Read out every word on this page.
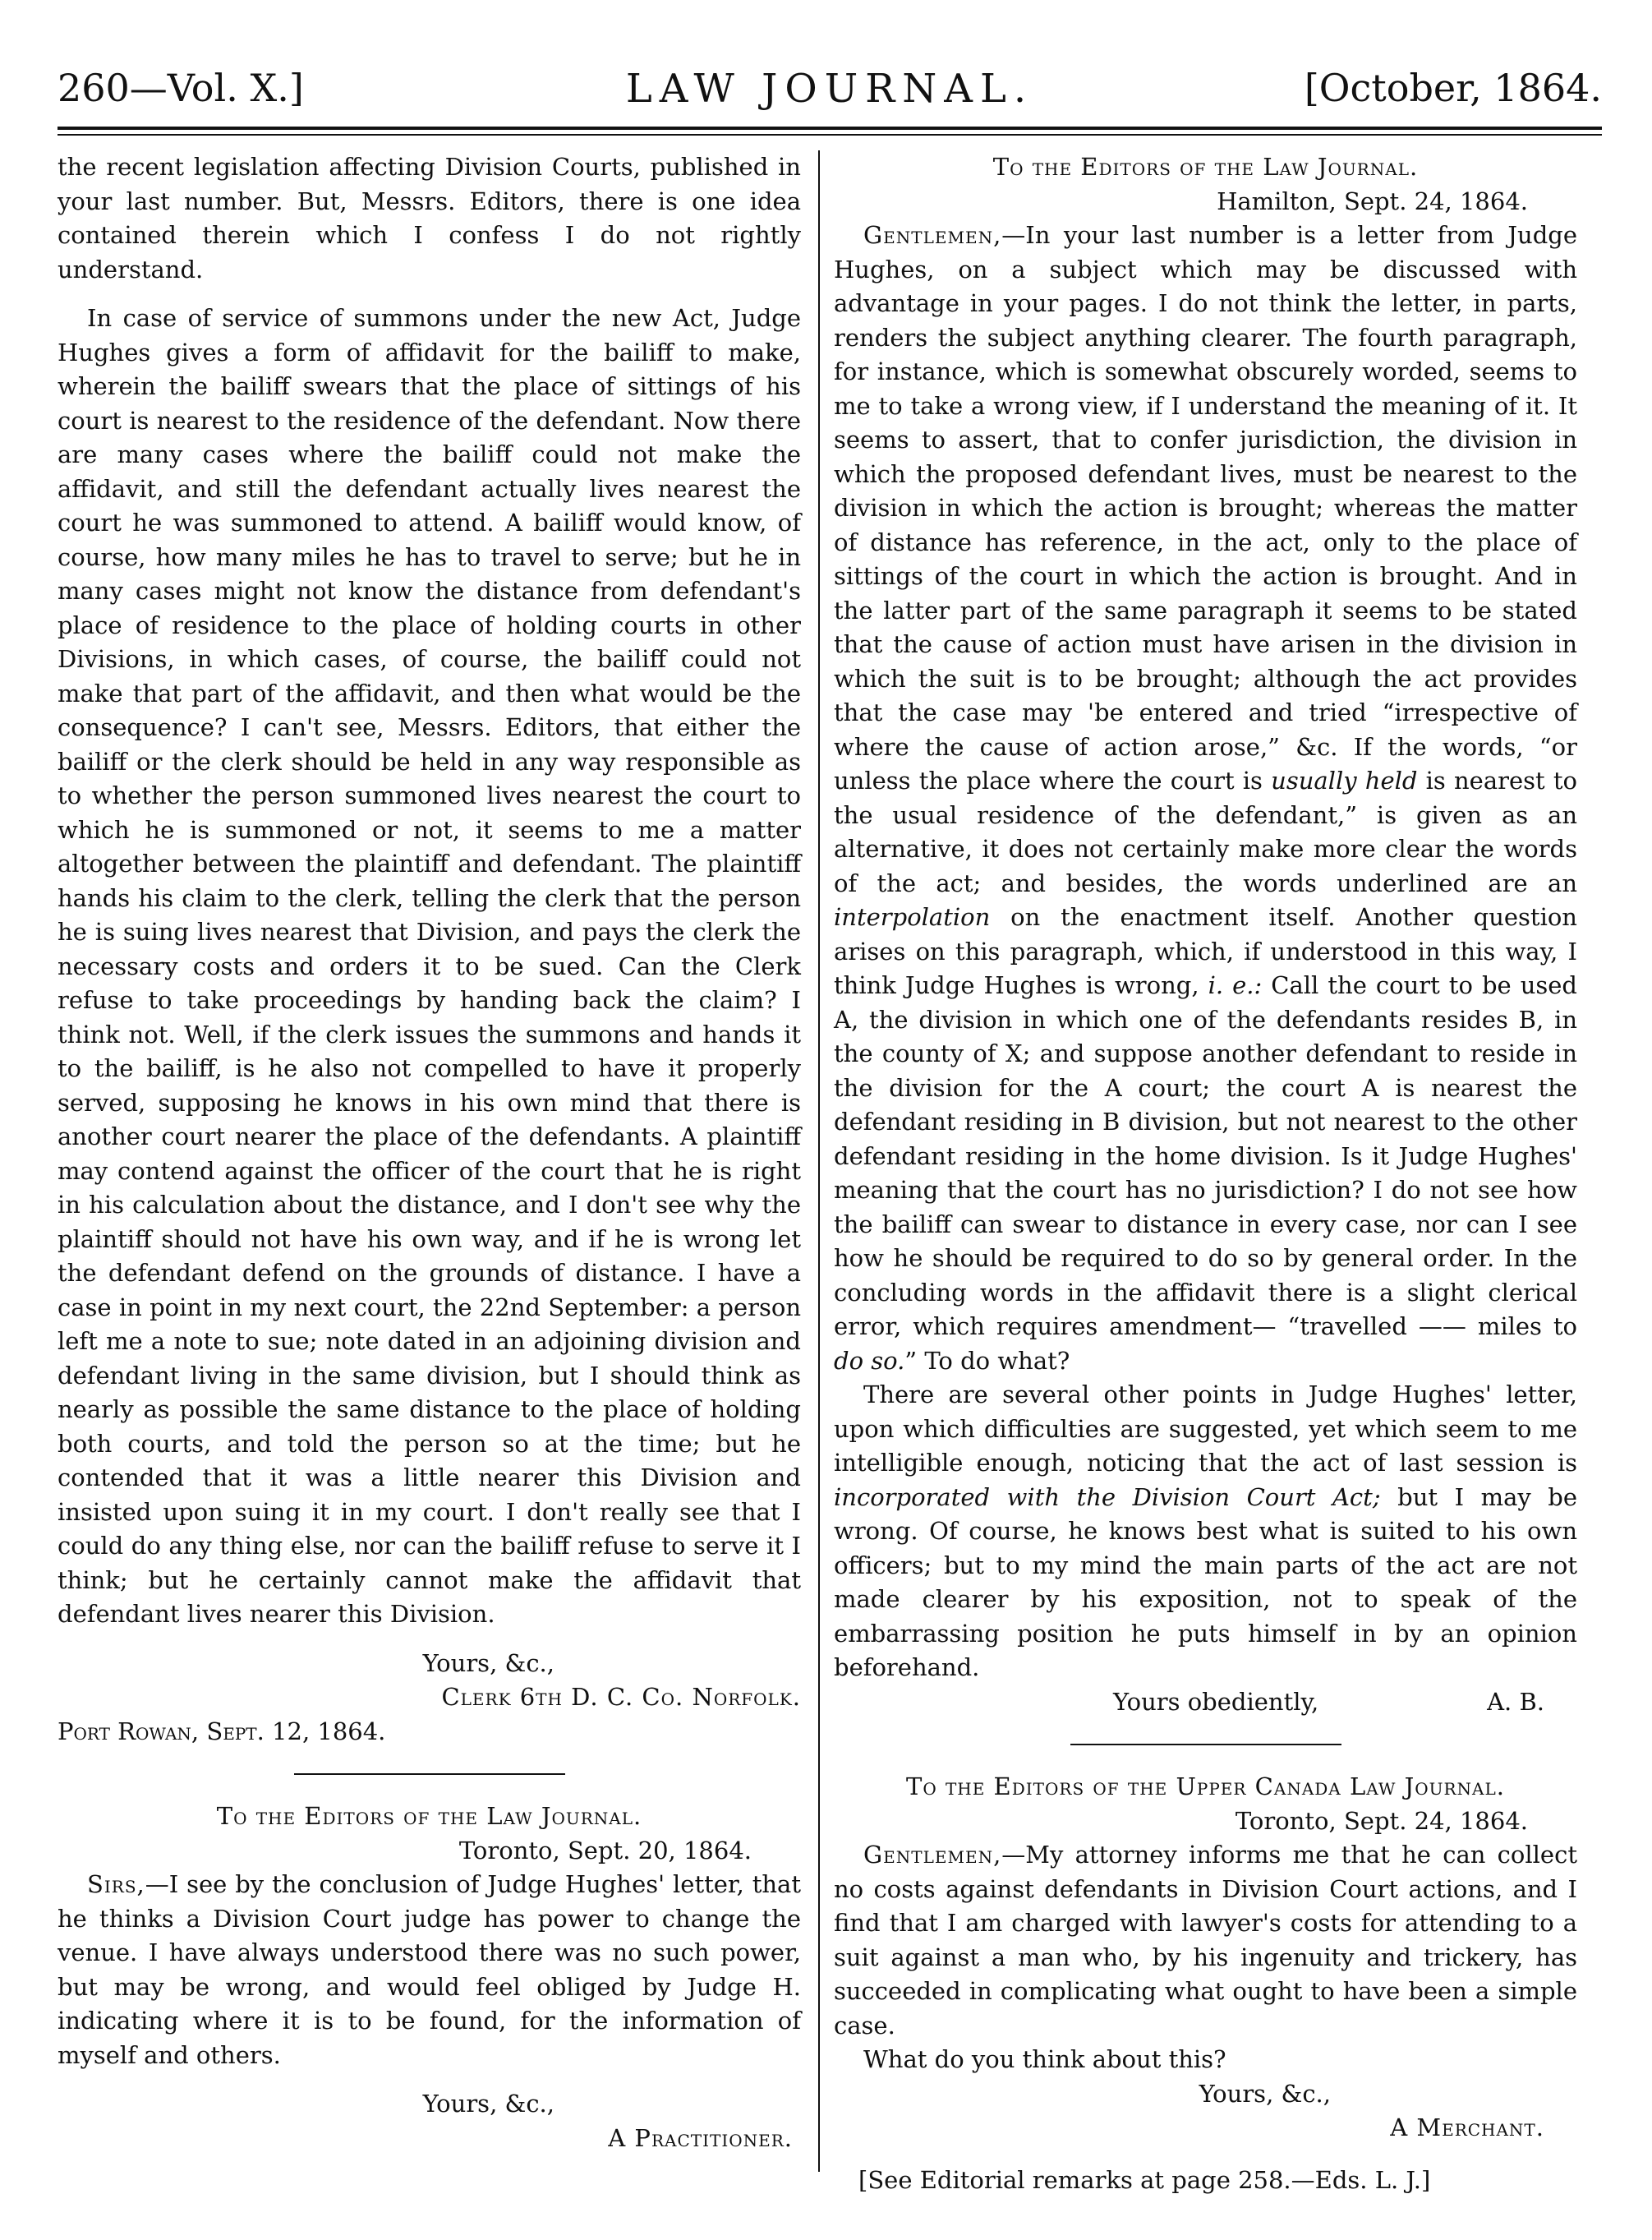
260—Vol. X.]	LAW JOURNAL.	[October, 1864.

the recent legislation affecting Division Courts, published in your last number. But, Messrs. Editors, there is one idea contained therein which I confess I do not rightly understand.

In case of service of summons under the new Act, Judge Hughes gives a form of affidavit for the bailiff to make, wherein the bailiff swears that the place of sittings of his court is nearest to the residence of the defendant. Now there are many cases where the bailiff could not make the affidavit, and still the defendant actually lives nearest the court he was summoned to attend. A bailiff would know, of course, how many miles he has to travel to serve; but he in many cases might not know the distance from defendant's place of residence to the place of holding courts in other Divisions, in which cases, of course, the bailiff could not make that part of the affidavit, and then what would be the consequence? I can't see, Messrs. Editors, that either the bailiff or the clerk should be held in any way responsible as to whether the person summoned lives nearest the court to which he is summoned or not, it seems to me a matter altogether between the plaintiff and defendant. The plaintiff hands his claim to the clerk, telling the clerk that the person he is suing lives nearest that Division, and pays the clerk the necessary costs and orders it to be sued. Can the Clerk refuse to take proceedings by handing back the claim? I think not. Well, if the clerk issues the summons and hands it to the bailiff, is he also not compelled to have it properly served, supposing he knows in his own mind that there is another court nearer the place of the defendants. A plaintiff may contend against the officer of the court that he is right in his calculation about the distance, and I don't see why the plaintiff should not have his own way, and if he is wrong let the defendant defend on the grounds of distance. I have a case in point in my next court, the 22nd September: a person left me a note to sue; note dated in an adjoining division and defendant living in the same division, but I should think as nearly as possible the same distance to the place of holding both courts, and told the person so at the time; but he contended that it was a little nearer this Division and insisted upon suing it in my court. I don't really see that I could do any thing else, nor can the bailiff refuse to serve it I think; but he certainly cannot make the affidavit that defendant lives nearer this Division.

Yours, &c.,

Clerk 6th D. C. Co. Norfolk.

Port Rowan, Sept. 12, 1864.

To the Editors of the Law Journal.

Toronto, Sept. 20, 1864.

Sirs,—I see by the conclusion of Judge Hughes' letter, that he thinks a Division Court judge has power to change the venue. I have always understood there was no such power, but may be wrong, and would feel obliged by Judge H. indicating where it is to be found, for the information of myself and others.

Yours, &c.,

A Practitioner.

To the Editors of the Law Journal.

Hamilton, Sept. 24, 1864.

Gentlemen,—In your last number is a letter from Judge Hughes, on a subject which may be discussed with advantage in your pages. I do not think the letter, in parts, renders the subject anything clearer. The fourth paragraph, for instance, which is somewhat obscurely worded, seems to me to take a wrong view, if I understand the meaning of it. It seems to assert, that to confer jurisdiction, the division in which the proposed defendant lives, must be nearest to the division in which the action is brought; whereas the matter of distance has reference, in the act, only to the place of sittings of the court in which the action is brought. And in the latter part of the same paragraph it seems to be stated that the cause of action must have arisen in the division in which the suit is to be brought; although the act provides that the case may 'be entered and tried “irrespective of where the cause of action arose,” &c. If the words, “or unless the place where the court is usually held is nearest to the usual residence of the defendant,” is given as an alternative, it does not certainly make more clear the words of the act; and besides, the words underlined are an interpolation on the enactment itself. Another question arises on this paragraph, which, if understood in this way, I think Judge Hughes is wrong, i. e.: Call the court to be used A, the division in which one of the defendants resides B, in the county of X; and suppose another defendant to reside in the division for the A court; the court A is nearest the defendant residing in B division, but not nearest to the other defendant residing in the home division. Is it Judge Hughes' meaning that the court has no jurisdiction? I do not see how the bailiff can swear to distance in every case, nor can I see how he should be required to do so by general order. In the concluding words in the affidavit there is a slight clerical error, which requires amendment— “travelled —— miles to do so.” To do what?

There are several other points in Judge Hughes' letter, upon which difficulties are suggested, yet which seem to me intelligible enough, noticing that the act of last session is incorporated with the Division Court Act; but I may be wrong. Of course, he knows best what is suited to his own officers; but to my mind the main parts of the act are not made clearer by his exposition, not to speak of the embarrassing position he puts himself in by an opinion beforehand.

Yours obediently,	A. B.

To the Editors of the Upper Canada Law Journal.

Toronto, Sept. 24, 1864.

Gentlemen,—My attorney informs me that he can collect no costs against defendants in Division Court actions, and I find that I am charged with lawyer's costs for attending to a suit against a man who, by his ingenuity and trickery, has succeeded in complicating what ought to have been a simple case.

What do you think about this?

Yours, &c.,

A Merchant.

[See Editorial remarks at page 258.—Eds. L. J.]
